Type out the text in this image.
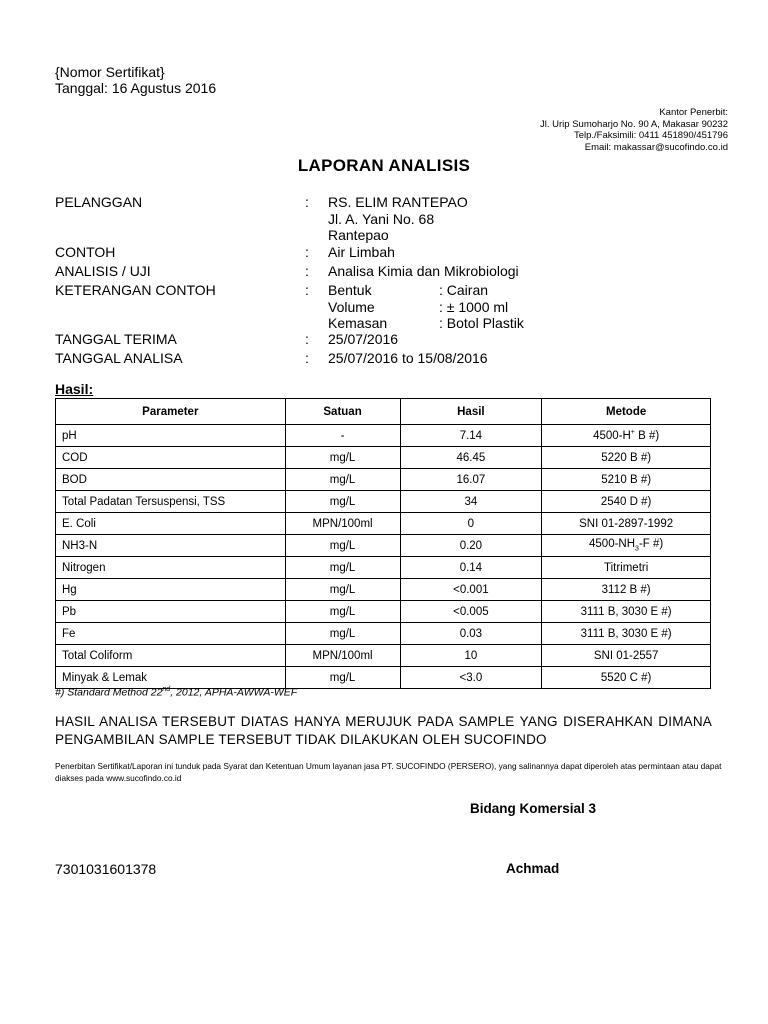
{Nomor Sertifikat}
Tanggal: 16 Agustus 2016
Kantor Penerbit:
Jl. Urip Sumoharjo No. 90 A, Makasar 90232
Telp./Faksimili: 0411 451890/451796
Email: makassar@sucofindo.co.id
LAPORAN ANALISIS
PELANGGAN	: RS. ELIM RANTEPAO
Jl. A. Yani No. 68
Rantepao
CONTOH	: Air Limbah
ANALISIS / UJI	: Analisa Kimia dan Mikrobiologi
KETERANGAN CONTOH	: Bentuk	: Cairan
Volume	: ± 1000 ml
Kemasan	: Botol Plastik
TANGGAL TERIMA	: 25/07/2016
TANGGAL ANALISA	: 25/07/2016 to 15/08/2016
Hasil:
Parameter	Satuan	Hasil	Metode
pH	-	7.14	4500-H+ B #)
COD	mg/L	46.45	5220 B #)
BOD	mg/L	16.07	5210 B #)
Total Padatan Tersuspensi, TSS	mg/L	34	2540 D #)
E. Coli	MPN/100ml	0	SNI 01-2897-1992
NH3-N	mg/L	0.20	$4500-NH_3-F$ #)
Nitrogen	mg/L	0.14	Titrimetri
Hg	mg/L	<0.001	3112 B #)
Pb	mg/L	<0.005	3111 B, 3030 E #)
Fe	mg/L	0.03	3111 B, 3030 E #)
Total Coliform	MPN/100ml	10	SNI 01-2557
Minyak & Lemak	mg/L	<3.0	5520 C #)
#) Standard Method 22nd, 2012, APHA-AWWA-WEF
HASIL ANALISA TERSEBUT DIATAS HANYA MERUJUK PADA SAMPLE YANG DISERAHKAN DIMANA PENGAMBILAN SAMPLE TERSEBUT TIDAK DILAKUKAN OLEH SUCOFINDO
Penerbitan Sertifikat/Laporan ini tunduk pada Syarat dan Ketentuan Umum layanan jasa PT. SUCOFINDO (PERSERO), yang salinannya dapat diperoleh atas permintaan atau dapat diakses pada www.sucofindo.co.id
Bidang Komersial 3
7301031601378	Achmad
